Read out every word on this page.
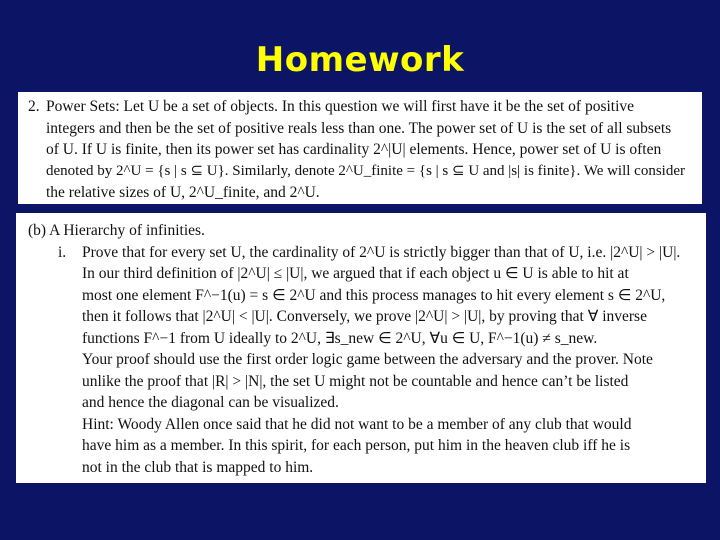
Homework
2. Power Sets: Let U be a set of objects. In this question we will first have it be the set of positive
integers and then be the set of positive reals less than one. The power set of U is the set of all subsets
of U. If U is finite, then its power set has cardinality 2^|U| elements. Hence, power set of U is often
denoted by 2^U = {s | s ⊆ U}. Similarly, denote 2^U_finite = {s | s ⊆ U and |s| is finite}. We will consider
the relative sizes of U, 2^U_finite, and 2^U.
(b) A Hierarchy of infinities.
i. Prove that for every set U, the cardinality of 2^U is strictly bigger than that of U, i.e. |2^U| > |U|.
In our third definition of |2^U| ≤ |U|, we argued that if each object u ∈ U is able to hit at
most one element F^−1(u) = s ∈ 2^U and this process manages to hit every element s ∈ 2^U,
then it follows that |2^U| < |U|. Conversely, we prove |2^U| > |U|, by proving that ∀ inverse
functions F^−1 from U ideally to 2^U, ∃s_new ∈ 2^U, ∀u ∈ U, F^−1(u) ≠ s_new.
Your proof should use the first order logic game between the adversary and the prover. Note
unlike the proof that |R| > |N|, the set U might not be countable and hence can’t be listed
and hence the diagonal can be visualized.
Hint: Woody Allen once said that he did not want to be a member of any club that would
have him as a member. In this spirit, for each person, put him in the heaven club iff he is
not in the club that is mapped to him.
